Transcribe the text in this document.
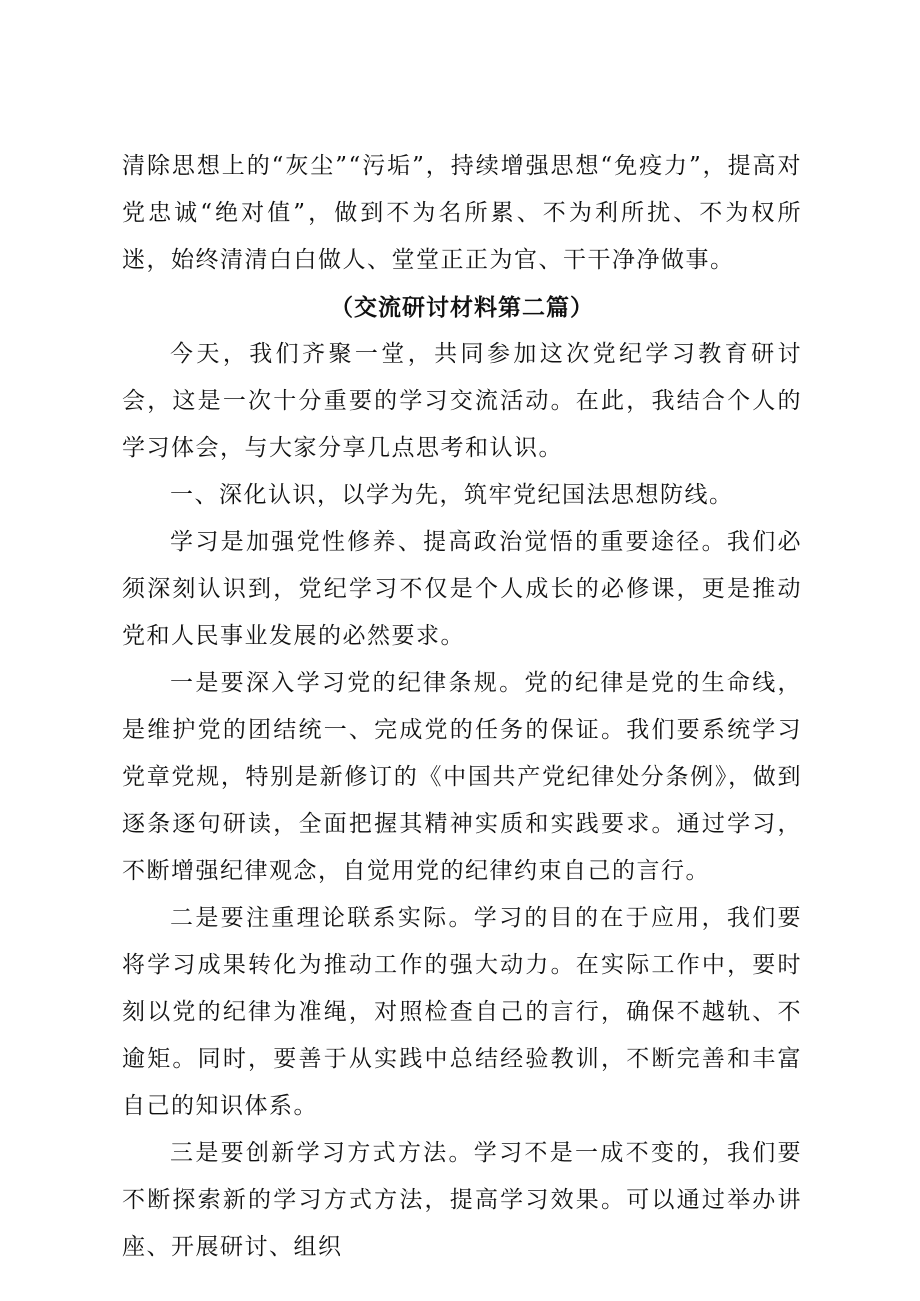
清除思想上的“灰尘”“污垢”，持续增强思想“免疫力”，提高对党忠诚“绝对值”，做到不为名所累、不为利所扰、不为权所迷，始终清清白白做人、堂堂正正为官、干干净净做事。

（交流研讨材料第二篇）

今天，我们齐聚一堂，共同参加这次党纪学习教育研讨会，这是一次十分重要的学习交流活动。在此，我结合个人的学习体会，与大家分享几点思考和认识。

一、深化认识，以学为先，筑牢党纪国法思想防线。

学习是加强党性修养、提高政治觉悟的重要途径。我们必须深刻认识到，党纪学习不仅是个人成长的必修课，更是推动党和人民事业发展的必然要求。

一是要深入学习党的纪律条规。党的纪律是党的生命线，是维护党的团结统一、完成党的任务的保证。我们要系统学习党章党规，特别是新修订的《中国共产党纪律处分条例》，做到逐条逐句研读，全面把握其精神实质和实践要求。通过学习，不断增强纪律观念，自觉用党的纪律约束自己的言行。

二是要注重理论联系实际。学习的目的在于应用，我们要将学习成果转化为推动工作的强大动力。在实际工作中，要时刻以党的纪律为准绳，对照检查自己的言行，确保不越轨、不逾矩。同时，要善于从实践中总结经验教训，不断完善和丰富自己的知识体系。

三是要创新学习方式方法。学习不是一成不变的，我们要不断探索新的学习方式方法，提高学习效果。可以通过举办讲座、开展研讨、组织
